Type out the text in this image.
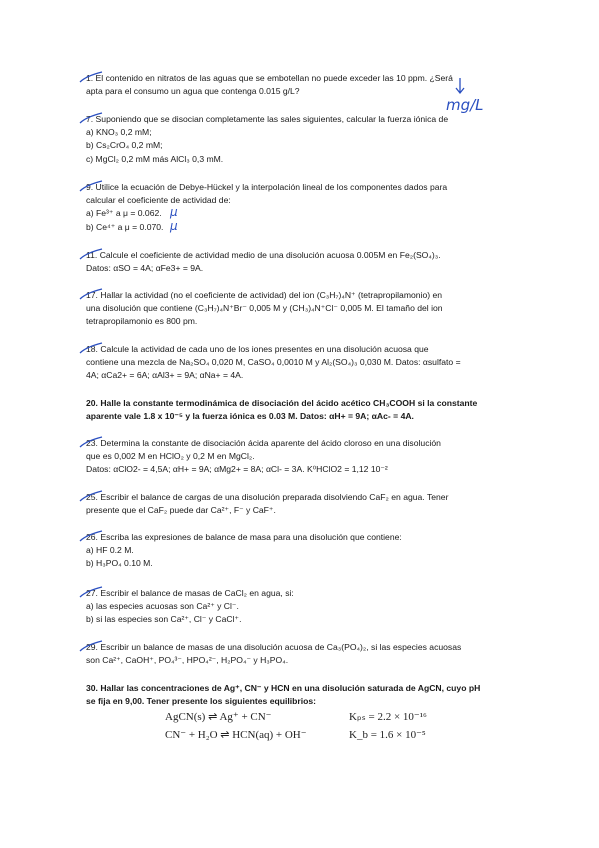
1. El contenido en nitratos de las aguas que se embotellan no puede exceder las 10 ppm. ¿Será
apta para el consumo un agua que contenga 0.015 g/L?
mg/L
7. Suponiendo que se disocian completamente las sales siguientes, calcular la fuerza iónica de
a) KNO₃ 0,2 mM;
b) Cs₂CrO₄ 0,2 mM;
c) MgCl₂ 0,2 mM más AlCl₃ 0,3 mM.
9. Utilice la ecuación de Debye-Hückel y la interpolación lineal de los componentes dados para
calcular el coeficiente de actividad de:
a) Fe³⁺ a μ = 0.062.
b) Ce⁴⁺ a μ = 0.070.
μ
μ
11. Calcule el coeficiente de actividad medio de una disolución acuosa 0.005M en Fe₂(SO₄)₃.
Datos: αSO = 4A; αFe3+ = 9A.
17. Hallar la actividad (no el coeficiente de actividad) del ion (C₃H₇)₄N⁺ (tetrapropilamonio) en
una disolución que contiene (C₃H₇)₄N⁺Br⁻ 0,005 M y (CH₃)₄N⁺Cl⁻ 0,005 M. El tamaño del ion
tetrapropilamonio es 800 pm.
18. Calcule la actividad de cada uno de los iones presentes en una disolución acuosa que
contiene una mezcla de Na₂SO₄ 0,020 M, CaSO₄ 0,0010 M y Al₂(SO₄)₃ 0,030 M. Datos: αsulfato =
4A; αCa2+ = 6A; αAl3+ = 9A; αNa+ = 4A.
20. Halle la constante termodinámica de disociación del ácido acético CH₃COOH si la constante
aparente vale 1.8 x 10⁻⁵ y la fuerza iónica es 0.03 M. Datos: αH+ = 9A; αAc- = 4A.
23. Determina la constante de disociación ácida aparente del ácido cloroso en una disolución
que es 0,002 M en HClO₂ y 0,2 M en MgCl₂.
Datos: αClO2- = 4,5A; αH+ = 9A; αMg2+ = 8A; αCl- = 3A. K⁰HClO2 = 1,12 10⁻²
25. Escribir el balance de cargas de una disolución preparada disolviendo CaF₂ en agua. Tener
presente que el CaF₂ puede dar Ca²⁺, F⁻ y CaF⁺.
26. Escriba las expresiones de balance de masa para una disolución que contiene:
a) HF 0.2 M.
b) H₃PO₄ 0.10 M.
27. Escribir el balance de masas de CaCl₂ en agua, si:
a) las especies acuosas son Ca²⁺ y Cl⁻.
b) si las especies son Ca²⁺, Cl⁻ y CaCl⁺.
29. Escribir un balance de masas de una disolución acuosa de Ca₃(PO₄)₂, si las especies acuosas
son Ca²⁺, CaOH⁺, PO₄³⁻, HPO₄²⁻, H₂PO₄⁻ y H₃PO₄.
30. Hallar las concentraciones de Ag⁺, CN⁻ y HCN en una disolución saturada de AgCN, cuyo pH
se fija en 9,00. Tener presente los siguientes equilibrios:
AgCN(s) ⇌ Ag⁺ + CN⁻	Kₚₛ = 2.2 × 10⁻¹⁶
CN⁻ + H₂O ⇌ HCN(aq) + OH⁻	K_b = 1.6 × 10⁻⁵
